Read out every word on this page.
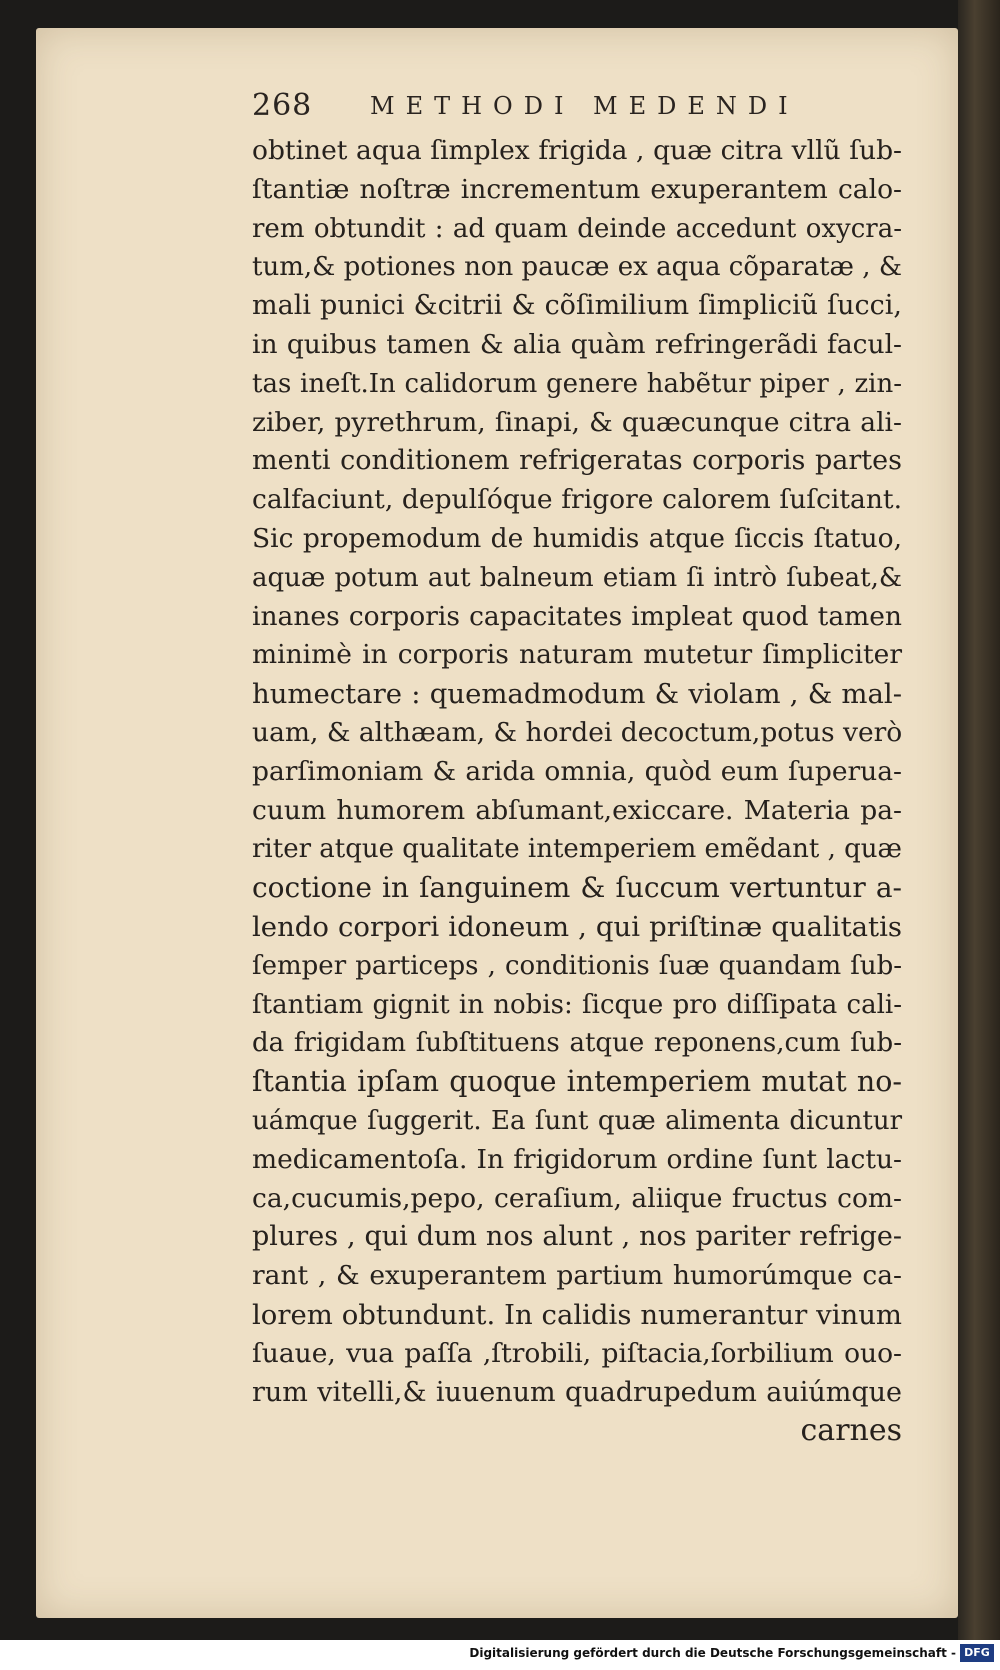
268 METHODI MEDENDI
obtinet aqua ſimplex frigida , quæ citra vllũ ſub-
ſtantiæ noſtræ incrementum exuperantem calo-
rem obtundit : ad quam deinde accedunt oxycra-
tum,& potiones non paucæ ex aqua cõparatæ , &
mali punici &citrii & cõſimilium ſimpliciũ ſucci,
in quibus tamen & alia quàm refringerãdi facul-
tas ineſt.In calidorum genere habẽtur piper , zin-
ziber, pyrethrum, ſinapi, & quæcunque citra ali-
menti conditionem refrigeratas corporis partes
calfaciunt, depulſóque frigore calorem ſuſcitant.
Sic propemodum de humidis atque ſiccis ſtatuo,
aquæ potum aut balneum etiam ſi intrò ſubeat,&
inanes corporis capacitates impleat quod tamen
minimè in corporis naturam mutetur ſimpliciter
humectare : quemadmodum & violam , & mal-
uam, & althæam, & hordei decoctum,potus verò
parſimoniam & arida omnia, quòd eum ſuperua-
cuum humorem abſumant,exiccare. Materia pa-
riter atque qualitate intemperiem emẽdant , quæ
coctione in ſanguinem & ſuccum vertuntur a-
lendo corpori idoneum , qui priſtinæ qualitatis
ſemper particeps , conditionis ſuæ quandam ſub-
ſtantiam gignit in nobis: ſicque pro diſſipata cali-
da frigidam ſubſtituens atque reponens,cum ſub-
ſtantia ipſam quoque intemperiem mutat no-
uámque ſuggerit. Ea ſunt quæ alimenta dicuntur
medicamentoſa. In frigidorum ordine ſunt lactu-
ca,cucumis,pepo, ceraſium, aliique fructus com-
plures , qui dum nos alunt , nos pariter refrige-
rant , & exuperantem partium humorúmque ca-
lorem obtundunt. In calidis numerantur vinum
ſuaue, vua paſſa ,ſtrobili, piſtacia,ſorbilium ouo-
rum vitelli,& iuuenum quadrupedum auiúmque
carnes
Digitalisierung gefördert durch die Deutsche Forschungsgemeinschaft - DFG
